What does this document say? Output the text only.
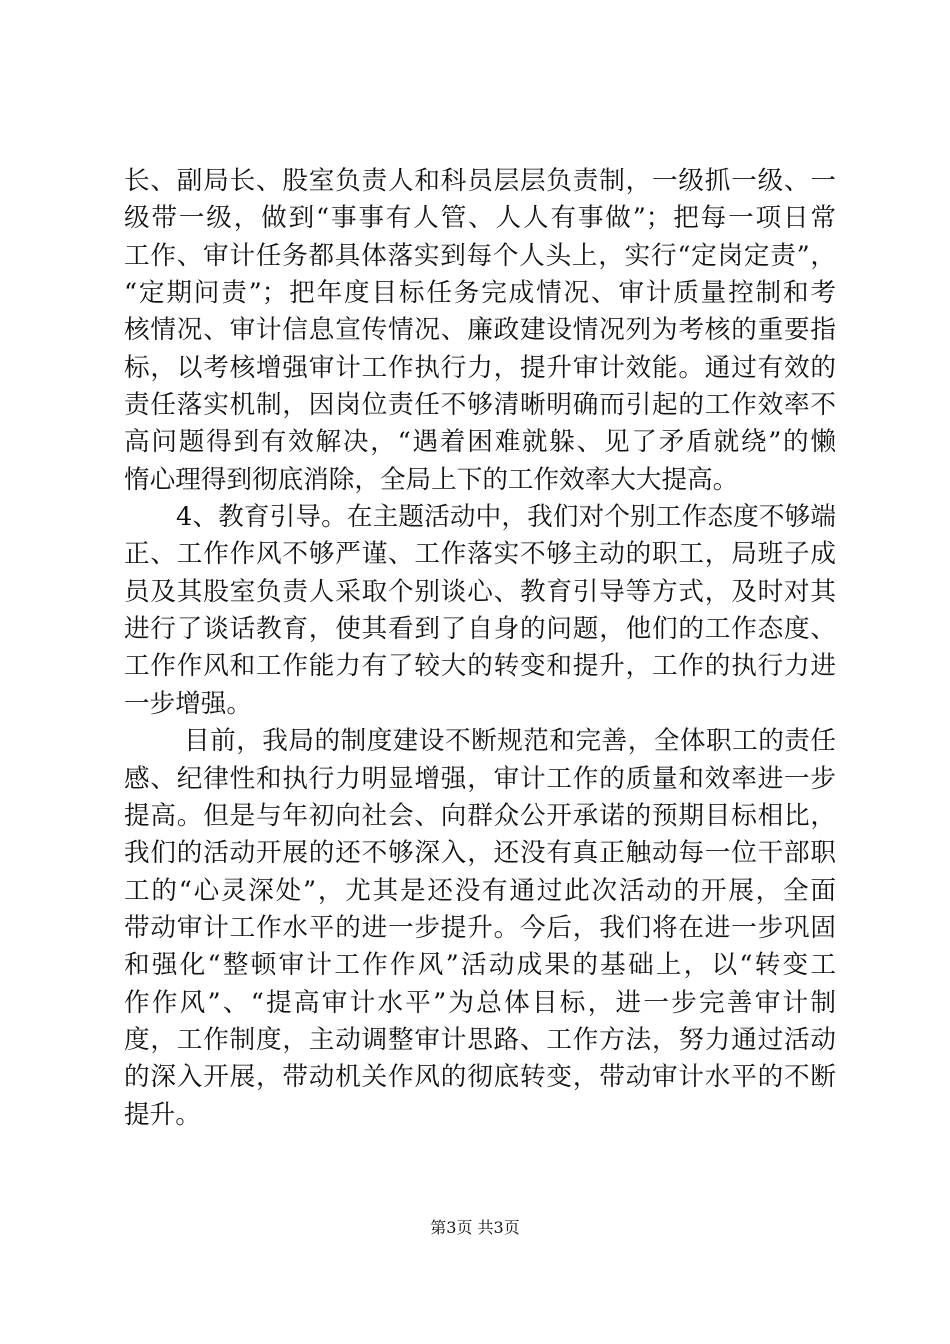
长、副局长、股室负责人和科员层层负责制，一级抓一级、一
级带一级，做到“事事有人管、人人有事做”；把每一项日常
工作、审计任务都具体落实到每个人头上，实行“定岗定责”，
“定期问责”；把年度目标任务完成情况、审计质量控制和考
核情况、审计信息宣传情况、廉政建设情况列为考核的重要指
标，以考核增强审计工作执行力，提升审计效能。通过有效的
责任落实机制，因岗位责任不够清晰明确而引起的工作效率不
高问题得到有效解决，“遇着困难就躲、见了矛盾就绕”的懒
惰心理得到彻底消除，全局上下的工作效率大大提高。
4、教育引导。在主题活动中，我们对个别工作态度不够端
正、工作作风不够严谨、工作落实不够主动的职工，局班子成
员及其股室负责人采取个别谈心、教育引导等方式，及时对其
进行了谈话教育，使其看到了自身的问题，他们的工作态度、
工作作风和工作能力有了较大的转变和提升，工作的执行力进
一步增强。
目前，我局的制度建设不断规范和完善，全体职工的责任
感、纪律性和执行力明显增强，审计工作的质量和效率进一步
提高。但是与年初向社会、向群众公开承诺的预期目标相比，
我们的活动开展的还不够深入，还没有真正触动每一位干部职
工的“心灵深处”，尤其是还没有通过此次活动的开展，全面
带动审计工作水平的进一步提升。今后，我们将在进一步巩固
和强化“整顿审计工作作风”活动成果的基础上，以“转变工
作作风”、“提高审计水平”为总体目标，进一步完善审计制
度，工作制度，主动调整审计思路、工作方法，努力通过活动
的深入开展，带动机关作风的彻底转变，带动审计水平的不断
提升。
第3页 共3页
